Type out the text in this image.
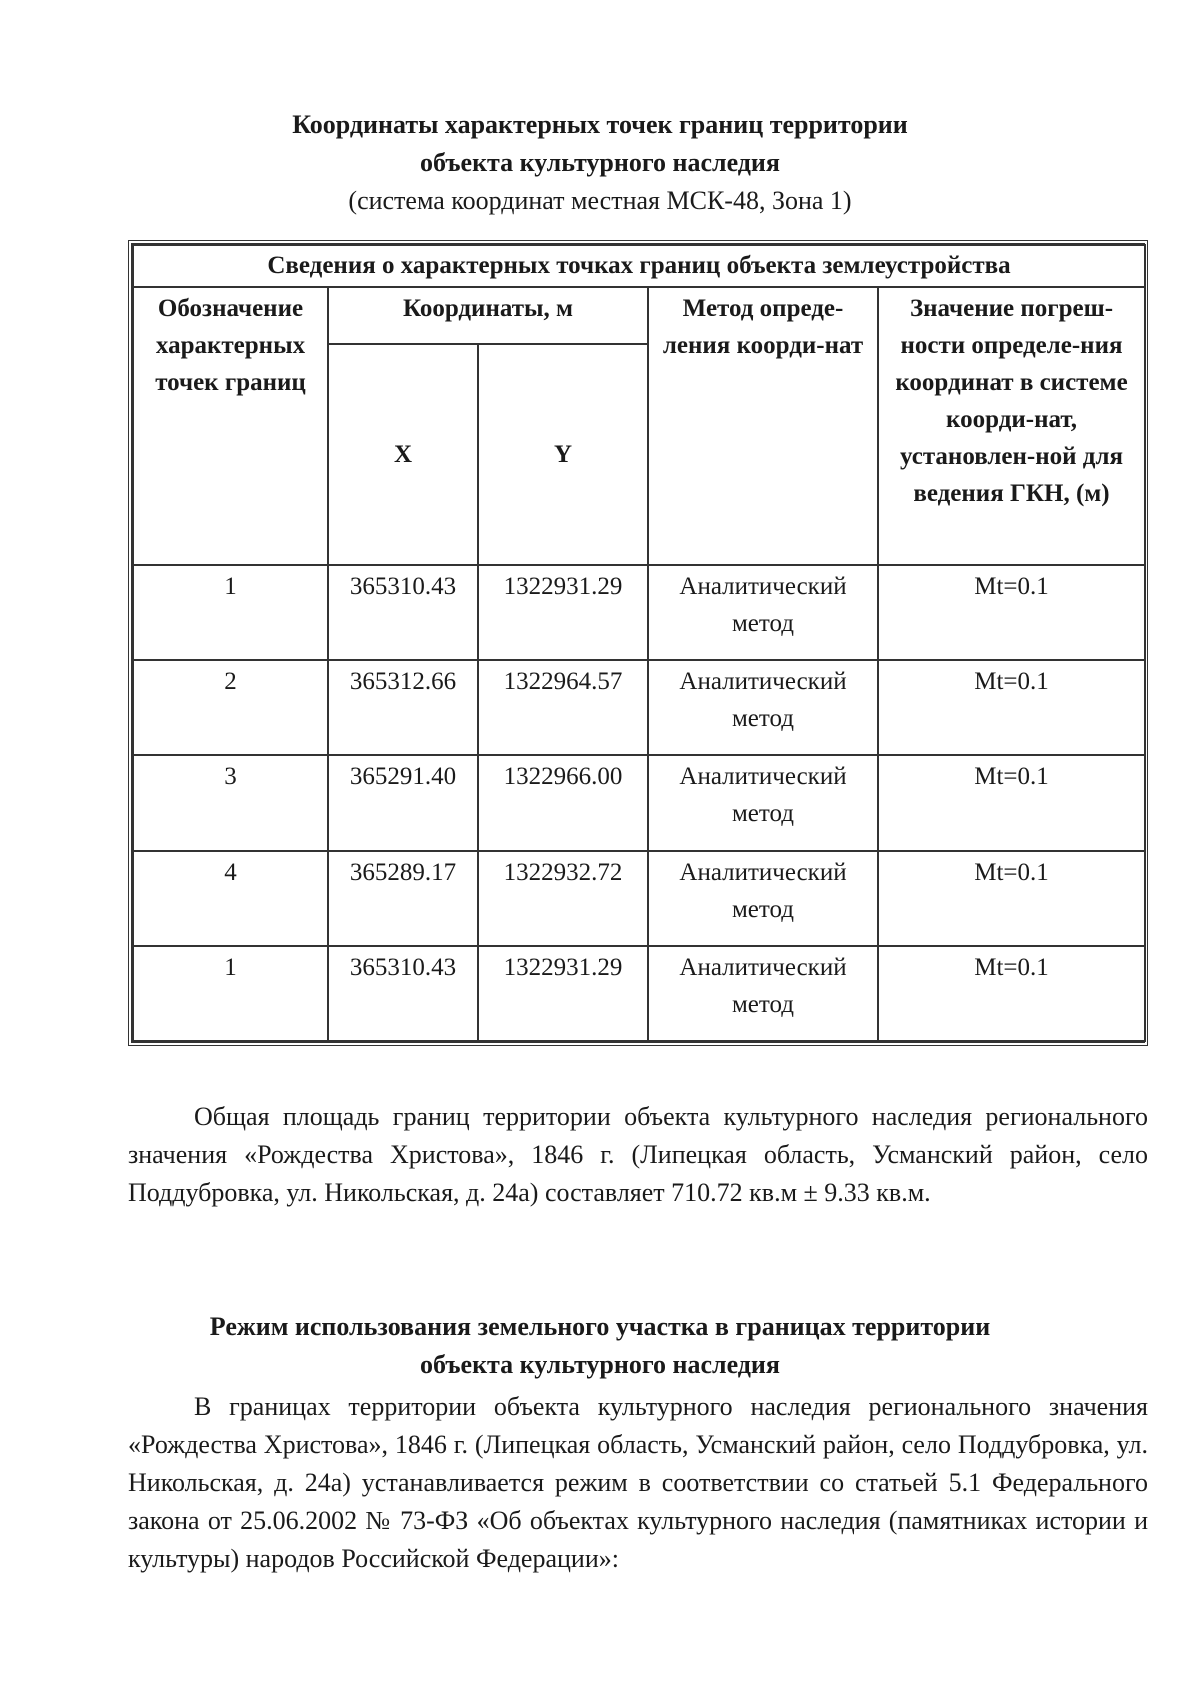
Координаты характерных точек границ территории
объекта культурного наследия
(система координат местная МСК-48, Зона 1)
Сведения о характерных точках границ объекта землеустройства				
Обозначение характерных точек границ	Координаты, м		Метод опреде-ления коорди-нат	Значение погреш-ности определе-ния координат в системе коорди-нат, установлен-ной для ведения ГКН, (м)
	X	Y		
1	365310.43	1322931.29	Аналитический метод	Mt=0.1
2	365312.66	1322964.57	Аналитический метод	Mt=0.1
3	365291.40	1322966.00	Аналитический метод	Mt=0.1
4	365289.17	1322932.72	Аналитический метод	Mt=0.1
1	365310.43	1322931.29	Аналитический метод	Mt=0.1
Общая площадь границ территории объекта культурного наследия регионального значения «Рождества Христова», 1846 г. (Липецкая область, Усманский район, село Поддубровка, ул. Никольская, д. 24а) составляет 710.72 кв.м ± 9.33 кв.м.
Режим использования земельного участка в границах территории
объекта культурного наследия
В границах территории объекта культурного наследия регионального значения «Рождества Христова», 1846 г. (Липецкая область, Усманский район, село Поддубровка, ул. Никольская, д. 24а) устанавливается режим в соответствии со статьей 5.1 Федерального закона от 25.06.2002 № 73-ФЗ «Об объектах культурного наследия (памятниках истории и культуры) народов Российской Федерации»:
